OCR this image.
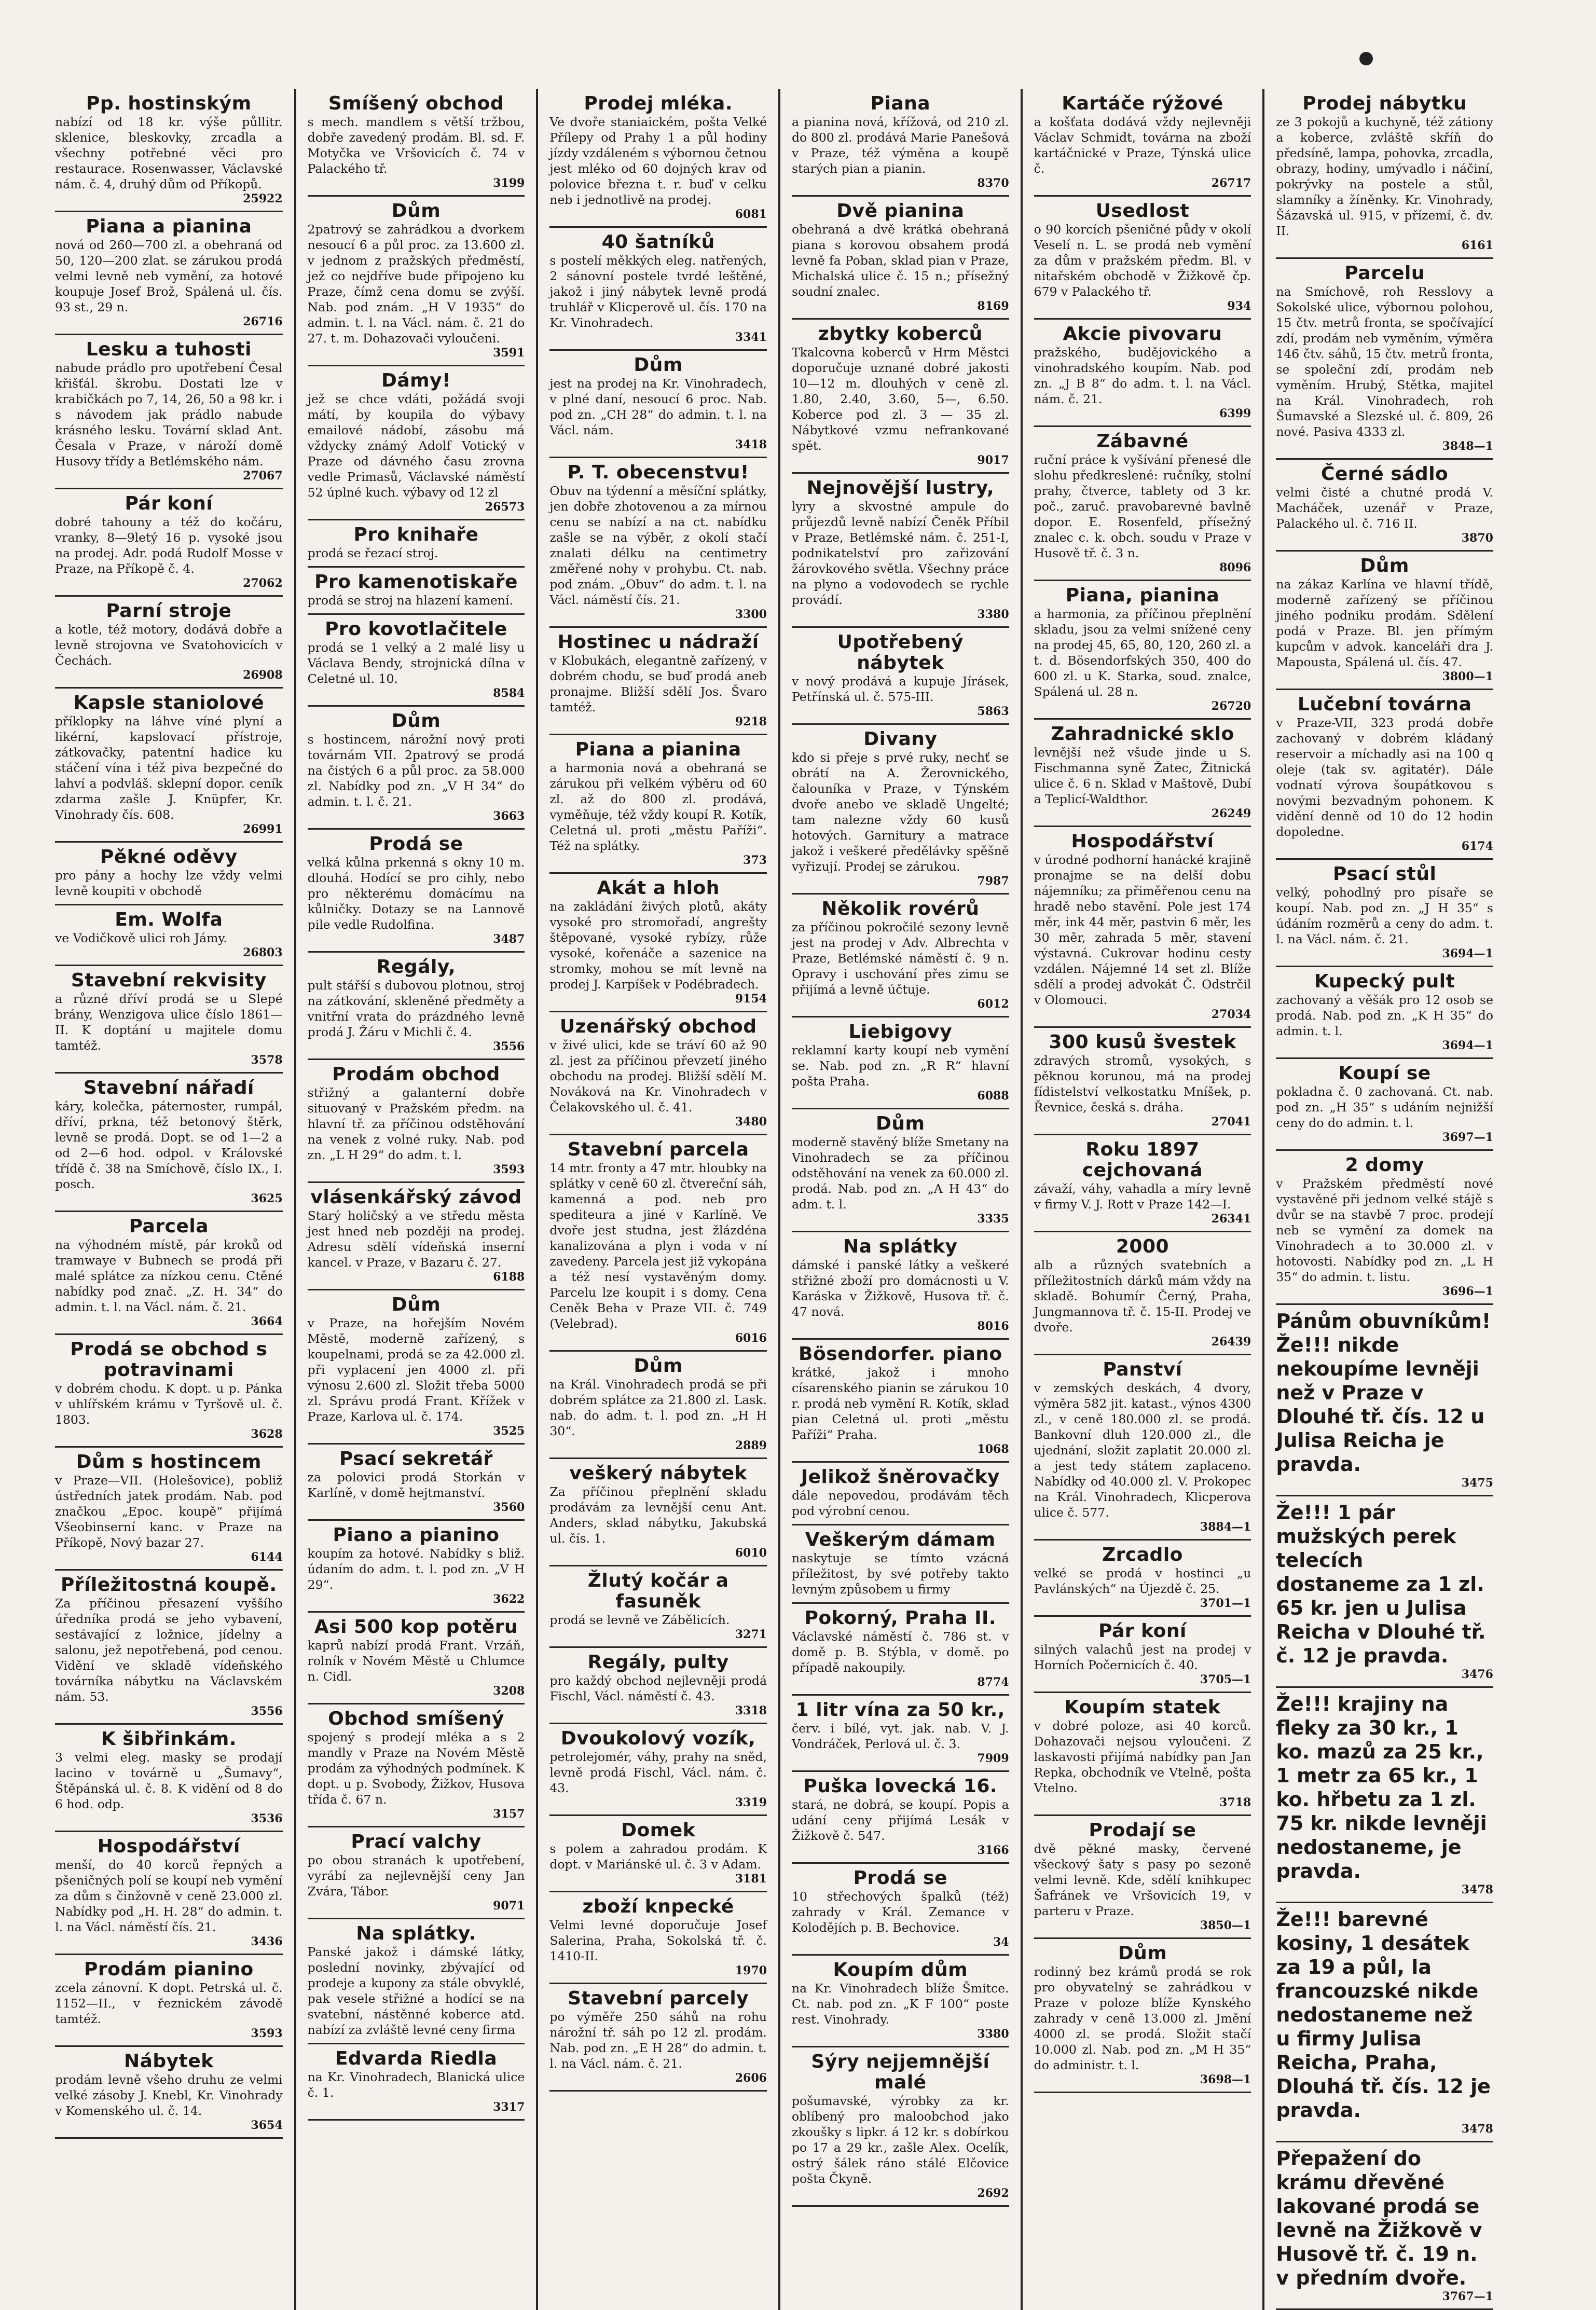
Pp. hostinským
nabízí od 18 kr. výše půllitr. sklenice, bleskovky, zrcadla a všechny potřebné věci pro restaurace. Rosenwasser, Václavské nám. č. 4, druhý dům od Příkopů.
25922
Piana a pianina
nová od 260—700 zl. a obehraná od 50, 120—200 zlat. se zárukou prodá velmi levně neb vymění, za hotové koupuje Josef Brož, Spálená ul. čís. 93 st., 29 n.
26716
Lesku a tuhosti
nabude prádlo pro upotřebení Česal křišťál. škrobu. Dostati lze v krabičkách po 7, 14, 26, 50 a 98 kr. i s návodem jak prádlo nabude krásného lesku. Tovární sklad Ant. Česala v Praze, v nároží domě Husovy třídy a Betlémského nám.
27067
Pár koní
dobré tahouny a též do kočáru, vranky, 8—9letý 16 p. vysoké jsou na prodej. Adr. podá Rudolf Mosse v Praze, na Příkopě č. 4.
27062
Parní stroje
a kotle, též motory, dodává dobře a levně strojovna ve Svatohovicích v Čechách.
26908
Kapsle staniolové
příklopky na láhve víné plyní a likérní, kapslovací přístroje, zátkovačky, patentní hadice ku stáčení vína i též piva bezpečné do lahví a podvláš. sklepní dopor. ceník zdarma zašle J. Knüpfer, Kr. Vinohrady čís. 608.
26991
Pěkné oděvy
pro pány a hochy lze vždy velmi levně koupiti v obchodě
Em. Wolfa
ve Vodičkově ulici roh Jámy.
26803
Stavební rekvisity
a různé dříví prodá se u Slepé brány, Wenzigova ulice číslo 1861—II. K doptání u majitele domu tamtéž.
3578
Stavební nářadí
káry, kolečka, páternoster, rumpál, dříví, prkna, též betonový štěrk, levně se prodá. Dopt. se od 1—2 a od 2—6 hod. odpol. v Královské třídě č. 38 na Smíchově, číslo IX., I. posch.
3625
Parcela
na výhodném místě, pár kroků od tramwaye v Bubnech se prodá při malé splátce za nízkou cenu. Ctěné nabídky pod znač. „Z. H. 34“ do admin. t. l. na Václ. nám. č. 21.
3664
Prodá se obchod s potravinami
v dobrém chodu. K dopt. u p. Pánka v uhlířském krámu v Tyršově ul. č. 1803.
3628
Dům s hostincem
v Praze—VII. (Holešovice), pobliž ústředních jatek prodám. Nab. pod značkou „Epoc. koupě“ přijímá Všeobinserní kanc. v Praze na Příkopě, Nový bazar 27.
6144
Příležitostná koupě.
Za příčinou přesazení vyššího úředníka prodá se jeho vybavení, sestávající z ložnice, jídelny a salonu, jež nepotřebená, pod cenou. Vidění ve skladě vídeňského továrníka nábytku na Václavském nám. 53.
3556
K šibřinkám.
3 velmi eleg. masky se prodají lacino v továrně u „Šumavy“, Štěpánská ul. č. 8. K vidění od 8 do 6 hod. odp.
3536
Hospodářství
menší, do 40 korců řepných a pšeničných polí se koupí neb vymění za dům s činžovně v ceně 23.000 zl. Nabídky pod „H. H. 28“ do admin. t. l. na Václ. náměstí čís. 21.
3436
Prodám pianino
zcela zánovní. K dopt. Petrská ul. č. 1152—II., v řeznickém závodě tamtéž.
3593
Nábytek
prodám levně všeho druhu ze velmi velké zásoby J. Knebl, Kr. Vinohrady v Komenského ul. č. 14.
3654
Smíšený obchod
s mech. mandlem s větší tržbou, dobře zavedený prodám. Bl. sd. F. Motyčka ve Vršovicích č. 74 v Palackého tř.
3199
Dům
2patrový se zahrádkou a dvorkem nesoucí 6 a půl proc. za 13.600 zl. v jednom z pražských předměstí, jež co nejdříve bude připojeno ku Praze, čímž cena domu se zvýší. Nab. pod znám. „H V 1935“ do admin. t. l. na Václ. nám. č. 21 do 27. t. m. Dohazovači vyloučeni.
3591
Dámy!
jež se chce vdáti, požádá svoji mátí, by koupila do výbavy emailové nádobí, zásobu má vždycky známý Adolf Votický v Praze od dávného času zrovna vedle Primasů, Václavské náměstí 52 úplné kuch. výbavy od 12 zl
26573
Pro knihaře
prodá se řezací stroj.
Pro kamenotiskaře
prodá se stroj na hlazení kamení.
Pro kovotlačitele
prodá se 1 velký a 2 malé lisy u Václava Bendy, strojnická dílna v Celetné ul. 10.
8584
Dům
s hostincem, nárožní nový proti továrnám VII. 2patrový se prodá na čistých 6 a půl proc. za 58.000 zl. Nabídky pod zn. „V H 34“ do admin. t. l. č. 21.
3663
Prodá se
velká kůlna prkenná s okny 10 m. dlouhá. Hodící se pro cihly, nebo pro některému domácímu na kůlničky. Dotazy se na Lannově pile vedle Rudolfina.
3487
Regály,
pult stářší s dubovou plotnou, stroj na zátkování, skleněné předměty a vnitřní vrata do prázdného levně prodá J. Žáru v Michli č. 4.
3556
Prodám obchod
střižný a galanterní dobře situovaný v Pražském předm. na hlavní tř. za příčinou odstěhování na venek z volné ruky. Nab. pod zn. „L H 29“ do adm. t. l.
3593
vlásenkářský závod
Starý holičský a ve středu města jest hned neb později na prodej. Adresu sdělí vídeňská inserní kancel. v Praze, v Bazaru č. 27.
6188
Dům
v Praze, na hořejším Novém Městě, moderně zařízený, s koupelnami, prodá se za 42.000 zl. při vyplacení jen 4000 zl. při výnosu 2.600 zl. Složit třeba 5000 zl. Správu prodá Frant. Křížek v Praze, Karlova ul. č. 174.
3525
Psací sekretář
za polovici prodá Storkán v Karlíně, v domě hejtmanství.
3560
Piano a pianino
koupím za hotové. Nabídky s bliž. údaním do adm. t. l. pod zn. „V H 29“.
3622
Asi 500 kop potěru
kaprů nabízí prodá Frant. Vrzáň, rolník v Novém Městě u Chlumce n. Cidl.
3208
Obchod smíšený
spojený s prodejí mléka a s 2 mandly v Praze na Novém Městě prodám za výhodných podmínek. K dopt. u p. Svobody, Žižkov, Husova třída č. 67 n.
3157
Prací valchy
po obou stranách k upotřebení, vyrábí za nejlevnější ceny Jan Zvára, Tábor.
9071
Na splátky.
Panské jakož i dámské látky, poslední novinky, zbývající od prodeje a kupony za stále obvyklé, pak vesele střižné a hodící se na svatební, nástěnné koberce atd. nabízí za zvláště levné ceny firma
Edvarda Riedla
na Kr. Vinohradech, Blanická ulice č. 1.
3317
Prodej mléka.
Ve dvoře staniaickém, pošta Velké Přílepy od Prahy 1 a půl hodiny jízdy vzdáleném s výbornou četnou jest mléko od 60 dojných krav od polovice března t. r. buď v celku neb i jednotlivě na prodej.
6081
40 šatníků
s postelí měkkých eleg. natřených, 2 sánovní postele tvrdé leštěné, jakož i jiný nábytek levně prodá truhlář v Klicperově ul. čís. 170 na Kr. Vinohradech.
3341
Dům
jest na prodej na Kr. Vinohradech, v plné daní, nesoucí 6 proc. Nab. pod zn. „CH 28“ do admin. t. l. na Václ. nám.
3418
P. T. obecenstvu!
Obuv na týdenní a měsíční splátky, jen dobře zhotovenou a za mírnou cenu se nabízí a na ct. nabídku zašle se na výběr, z okolí stačí znalati délku na centimetry změřené nohy v prohybu. Ct. nab. pod znám. „Obuv“ do adm. t. l. na Václ. náměstí čís. 21.
3300
Hostinec u nádraží
v Klobukách, elegantně zařízený, v dobrém chodu, se buď prodá aneb pronajme. Bližší sdělí Jos. Švaro tamtéž.
9218
Piana a pianina
a harmonia nová a obehraná se zárukou při velkém výběru od 60 zl. až do 800 zl. prodává, vyměňuje, též vždy koupí R. Kotík, Celetná ul. proti „městu Paříži“. Též na splátky.
373
Akát a hloh
na zakládání živých plotů, akáty vysoké pro stromořadí, angrešty štěpované, vysoké rybízy, růže vysoké, kořenáče a sazenice na stromky, mohou se mít levně na prodej J. Karpíšek v Podébradech.
9154
Uzenářský obchod
v živé ulici, kde se tráví 60 až 90 zl. jest za příčinou převzetí jiného obchodu na prodej. Bližší sdělí M. Nováková na Kr. Vinohradech v Čelakovského ul. č. 41.
3480
Stavební parcela
14 mtr. fronty a 47 mtr. hloubky na splátky v ceně 60 zl. čtvereční sáh, kamenná a pod. neb pro spediteura a jiné v Karlíně. Ve dvoře jest studna, jest žlázdéna kanalizována a plyn i voda v ní zavedeny. Parcela jest již vykopána a též nesí vystavěným domy. Parcelu lze koupit i s domy. Cena Ceněk Beha v Praze VII. č. 749 (Velebrad).
6016
Dům
na Král. Vinohradech prodá se při dobrém splátce za 21.800 zl. Lask. nab. do adm. t. l. pod zn. „H H 30“.
2889
veškerý nábytek
Za příčinou přeplnění skladu prodávám za levnější cenu Ant. Anders, sklad nábytku, Jakubská ul. čís. 1.
6010
Žlutý kočár a fasuněk
prodá se levně ve Zábělicích.
3271
Regály, pulty
pro každý obchod nejlevněji prodá Fischl, Václ. náměstí č. 43.
3318
Dvoukolový vozík,
petrolejomér, váhy, prahy na sněd, levně prodá Fischl, Václ. nám. č. 43.
3319
Domek
s polem a zahradou prodám. K dopt. v Mariánské ul. č. 3 v Adam.
3181
zboží knpecké
Velmi levné doporučuje Josef Salerina, Praha, Sokolská tř. č. 1410-II.
1970
Stavební parcely
po výměře 250 sáhů na rohu nárožní tř. sáh po 12 zl. prodám. Nab. pod zn. „E H 28“ do admin. t. l. na Václ. nám. č. 21.
2606
Piana
a pianina nová, křížová, od 210 zl. do 800 zl. prodává Marie Panešová v Praze, též výměna a koupě starých pian a pianin.
8370
Dvě pianina
obehraná a dvě krátká obehraná piana s korovou obsahem prodá levně fa Poban, sklad pian v Praze, Michalská ulice č. 15 n.; přísežný soudní znalec.
8169
zbytky koberců
Tkalcovna koberců v Hrm Městci doporučuje uznané dobré jakosti 10—12 m. dlouhých v ceně zl. 1.80, 2.40, 3.60, 5—, 6.50. Koberce pod zl. 3 — 35 zl. Nábytkové vzmu nefrankované spět.
9017
Nejnovější lustry,
lyry a skvostné ampule do průjezdů levně nabízí Čeněk Příbil v Praze, Betlémské nám. č. 251-I, podnikatelství pro zařizování žárovkového světla. Všechny práce na plyno a vodovodech se rychle provádí.
3380
Upotřebený nábytek
v nový prodává a kupuje Jírásek, Petřínská ul. č. 575-III.
5863
Divany
kdo si přeje s prvé ruky, nechť se obrátí na A. Žerovnického, čalouníka v Praze, v Týnském dvoře anebo ve skladě Ungelté; tam nalezne vždy 60 kusů hotových. Garnitury a matrace jakož i veškeré předělávky spěšně vyřizují. Prodej se zárukou.
7987
Několik rovérů
za příčinou pokročilé sezony levně jest na prodej v Adv. Albrechta v Praze, Betlémské náměstí č. 9 n. Opravy i uschování přes zimu se přijímá a levně účtuje.
6012
Liebigovy
reklamní karty koupí neb vymění se. Nab. pod zn. „R R“ hlavní pošta Praha.
6088
Dům
moderně stavěný blíže Smetany na Vinohradech se za příčinou odstěhování na venek za 60.000 zl. prodá. Nab. pod zn. „A H 43“ do adm. t. l.
3335
Na splátky
dámské i panské látky a veškeré střižné zboží pro domácnosti u V. Karáska v Žižkově, Husova tř. č. 47 nová.
8016
Bösendorfer. piano
krátké, jakož i mnoho císarenského pianin se zárukou 10 r. prodá neb vymění R. Kotík, sklad pian Celetná ul. proti „městu Paříži“ Praha.
1068
Jelikož šněrovačky
dále nepovedou, prodávám těch pod výrobní cenou.
Veškerým dámam
naskytuje se tímto vzácná příležitost, by své potřeby takto levným způsobem u firmy
Pokorný, Praha II.
Václavské náměstí č. 786 st. v domě p. B. Stýbla, v domě. po případě nakoupily.
8774
1 litr vína za 50 kr.,
červ. i bílé, vyt. jak. nab. V. J. Vondráček, Perlová ul. č. 3.
7909
Puška lovecká 16.
stará, ne dobrá, se koupí. Popis a udání ceny přijímá Lesák v Žižkově č. 547.
3166
Prodá se
10 střechových špalků (též) zahrady v Král. Zemance v Kolodějích p. B. Bechovice.
34
Koupím dům
na Kr. Vinohradech blíže Šmitce. Ct. nab. pod zn. „K F 100“ poste rest. Vinohrady.
3380
Sýry nejjemnější malé
pošumavské, výrobky za kr. oblíbený pro maloobchod jako zkoušky s lipkr. á 12 kr. s dobírkou po 17 a 29 kr., zašle Alex. Ocelík, ostrý šálek ráno stálé Elčovice pošta Čkyně.
2692
Kartáče rýžové
a košťata dodává vždy nejlevněji Václav Schmidt, továrna na zboží kartáčnické v Praze, Týnská ulice č.
26717
Usedlost
o 90 korcích pšeničné půdy v okolí Veselí n. L. se prodá neb vymění za dům v pražském předm. Bl. v nitařském obchodě v Žižkově čp. 679 v Palackého tř.
934
Akcie pivovaru
pražského, budějovického a vinohradského koupím. Nab. pod zn. „J B 8“ do adm. t. l. na Václ. nám. č. 21.
6399
Zábavné
ruční práce k vyšívání přenesé dle slohu předkreslené: ručníky, stolní prahy, čtverce, tablety od 3 kr. poč., zaruč. pravobarevné bavlně dopor. E. Rosenfeld, přísežný znalec c. k. obch. soudu v Praze v Husově tř. č. 3 n.
8096
Piana, pianina
a harmonia, za příčinou přeplnění skladu, jsou za velmi snížené ceny na prodej 45, 65, 80, 120, 260 zl. a t. d. Bösendorfských 350, 400 do 600 zl. u K. Starka, soud. znalce, Spálená ul. 28 n.
26720
Zahradnické sklo
levnější než všude jinde u S. Fischmanna syně Žatec, Žitnická ulice č. 6 n. Sklad v Maštově, Dubí a Teplicí-Waldthor.
26249
Hospodářství
v úrodné podhorní hanácké krajině pronajme se na delší dobu nájemníku; za přiměřenou cenu na hradě nebo stavění. Pole jest 174 měr, ink 44 měr, pastvin 6 měr, les 30 měr, zahrada 5 měr, stavení výstavná. Cukrovar hodinu cesty vzdálen. Nájemné 14 set zl. Blíže sdělí a prodej advokát Č. Odstrčil v Olomouci.
27034
300 kusů švestek
zdravých stromů, vysokých, s pěknou korunou, má na prodej fídistelství velkostatku Mníšek, p. Řevnice, česká s. dráha.
27041
Roku 1897 cejchovaná
závaží, váhy, vahadla a míry levně v firmy V. J. Rott v Praze 142—I.
26341
2000
alb a různých svatebních a příležitostních dárků mám vždy na skladě. Bohumír Černý, Praha, Jungmannova tř. č. 15-II. Prodej ve dvoře.
26439
Panství
v zemských deskách, 4 dvory, výměra 582 jit. katast., výnos 4300 zl., v ceně 180.000 zl. se prodá. Bankovní dluh 120.000 zl., dle ujednání, složit zaplatit 20.000 zl. a jest tedy státem zaplaceno. Nabídky od 40.000 zl. V. Prokopec na Král. Vinohradech, Klicperova ulice č. 577.
3884—1
Zrcadlo
velké se prodá v hostinci „u Pavlánských“ na Újezdě č. 25.
3701—1
Pár koní
silných valachů jest na prodej v Horních Počernicích č. 40.
3705—1
Koupím statek
v dobré poloze, asi 40 korců. Dohazovači nejsou vyloučeni. Z laskavosti přijímá nabídky pan Jan Repka, obchodník ve Vtelně, pošta Vtelno.
3718
Prodají se
dvě pěkné masky, červené všeckový šaty s pasy po sezoně velmi levně. Kde, sdělí knihkupec Šafránek ve Vršovicích 19, v parteru v Praze.
3850—1
Dům
rodinný bez krámů prodá se rok pro obyvatelný se zahrádkou v Praze v poloze blíže Kynského zahrady v ceně 13.000 zl. Jmění 4000 zl. se prodá. Složit stačí 10.000 zl. Nab. pod zn. „M H 35“ do administr. t. l.
3698—1
Prodej nábytku
ze 3 pokojů a kuchyně, též zátiony a koberce, zvláště skříň do předsíně, lampa, pohovka, zrcadla, obrazy, hodiny, umývadlo i náčiní, pokrývky na postele a stůl, slamníky a žíněnky. Kr. Vinohrady, Šázavská ul. 915, v přízemí, č. dv. II.
6161
Parcelu
na Smíchově, roh Resslovy a Sokolské ulice, výbornou polohou, 15 čtv. metrů fronta, se spočívající zdí, prodám neb vyměním, výměra 146 čtv. sáhů, 15 čtv. metrů fronta, se společní zdí, prodám neb vyměním. Hrubý, Stětka, majitel na Král. Vinohradech, roh Šumavské a Slezské ul. č. 809, 26 nové. Pasiva 4333 zl.
3848—1
Černé sádlo
velmi čisté a chutné prodá V. Macháček, uzenář v Praze, Palackého ul. č. 716 II.
3870
Dům
na zákaz Karlína ve hlavní třídě, moderně zařízený se příčinou jiného podniku prodám. Sdělení podá v Praze. Bl. jen přímým kupcům v advok. kanceláři dra J. Mapousta, Spálená ul. čís. 47.
3800—1
Lučební továrna
v Praze-VII, 323 prodá dobře zachovaný v dobrém kládaný reservoir a míchadly asi na 100 q oleje (tak sv. agitatér). Dále vodnatí výrova šoupátkovou s novými bezvadným pohonem. K vidění denně od 10 do 12 hodin dopoledne.
6174
Psací stůl
velký, pohodlný pro písaře se koupí. Nab. pod zn. „J H 35“ s údáním rozměrů a ceny do adm. t. l. na Václ. nám. č. 21.
3694—1
Kupecký pult
zachovaný a věšák pro 12 osob se prodá. Nab. pod zn. „K H 35“ do admin. t. l.
3694—1
Koupí se
pokladna č. 0 zachovaná. Ct. nab. pod zn. „H 35“ s udáním nejnižší ceny do do admin. t. l.
3697—1
2 domy
v Pražském předměstí nové vystavěné při jednom velké stájě s dvůr se na stavbě 7 proc. prodejí neb se vymění za domek na Vinohradech a to 30.000 zl. v hotovosti. Nabídky pod zn. „L H 35“ do admin. t. listu.
3696—1
Pánům obuvníkům! Že!!! nikde nekoupíme levněji než v Praze v Dlouhé tř. čís. 12 u Julisa Reicha je pravda.
3475
Že!!! 1 pár mužských perek telecích dostaneme za 1 zl. 65 kr. jen u Julisa Reicha v Dlouhé tř. č. 12 je pravda.
3476
Že!!! krajiny na fleky za 30 kr., 1 ko. mazů za 25 kr., 1 metr za 65 kr., 1 ko. hřbetu za 1 zl. 75 kr. nikde levněji nedostaneme, je pravda.
3478
Že!!! barevné kosiny, 1 desátek za 19 a půl, la francouzské nikde nedostaneme než u firmy Julisa Reicha, Praha, Dlouhá tř. čís. 12 je pravda.
3478
Přepažení do krámu dřevěné lakované prodá se levně na Žižkově v Husově tř. č. 19 n. v předním dvoře.
3767—1
